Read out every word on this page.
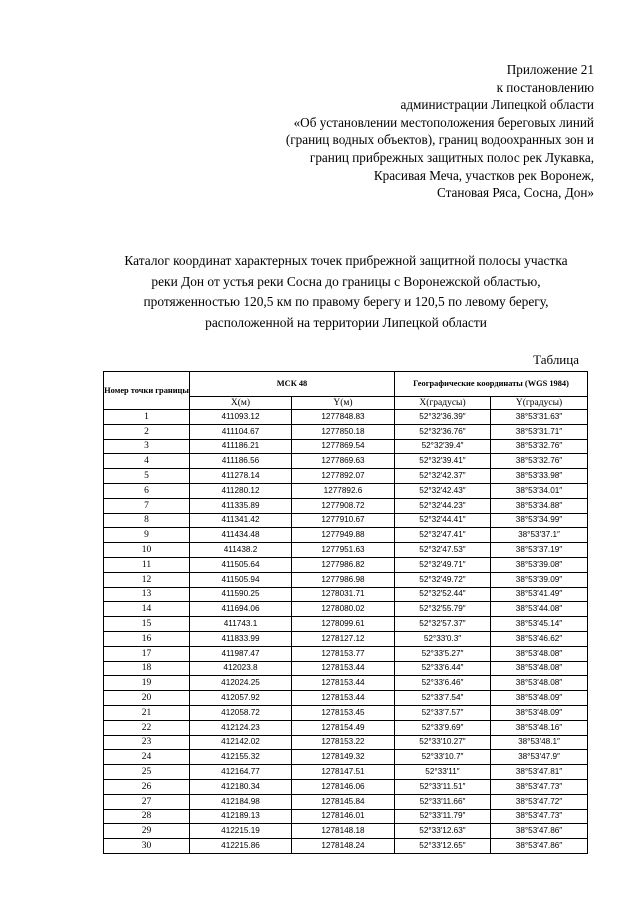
Приложение 21
к постановлению
администрации Липецкой области
«Об установлении местоположения береговых линий
(границ водных объектов), границ водоохранных зон и
границ прибрежных защитных полос рек Лукавка,
Красивая Меча, участков рек Воронеж,
Становая Ряса, Сосна, Дон»
Каталог координат характерных точек прибрежной защитной полосы участка
реки Дон от устья реки Сосна до границы с Воронежской областью,
протяженностью 120,5 км по правому берегу и 120,5 по левому берегу,
расположенной на территории Липецкой области
Таблица
Номер точки границы	МСК 48		Географические координаты (WGS 1984)	
	X(м)	Y(м)	X(градусы)	Y(градусы)
1	411093.12	1277848.83	52°32′36.39″	38°53′31.63″
2	411104.67	1277850.18	52°32′36.76″	38°53′31.71″
3	411186.21	1277869.54	52°32′39.4″	38°53′32.76″
4	411186.56	1277869.63	52°32′39.41″	38°53′32.76″
5	411278.14	1277892.07	52°32′42.37″	38°53′33.98″
6	411280.12	1277892.6	52°32′42.43″	38°53′34.01″
7	411335.89	1277908.72	52°32′44.23″	38°53′34.88″
8	411341.42	1277910.67	52°32′44.41″	38°53′34.99″
9	411434.48	1277949.88	52°32′47.41″	38°53′37.1″
10	411438.2	1277951.63	52°32′47.53″	38°53′37.19″
11	411505.64	1277986.82	52°32′49.71″	38°53′39.08″
12	411505.94	1277986.98	52°32′49.72″	38°53′39.09″
13	411590.25	1278031.71	52°32′52.44″	38°53′41.49″
14	411694.06	1278080.02	52°32′55.79″	38°53′44.08″
15	411743.1	1278099.61	52°32′57.37″	38°53′45.14″
16	411833.99	1278127.12	52°33′0.3″	38°53′46.62″
17	411987.47	1278153.77	52°33′5.27″	38°53′48.08″
18	412023.8	1278153.44	52°33′6.44″	38°53′48.08″
19	412024.25	1278153.44	52°33′6.46″	38°53′48.08″
20	412057.92	1278153.44	52°33′7.54″	38°53′48.09″
21	412058.72	1278153.45	52°33′7.57″	38°53′48.09″
22	412124.23	1278154.49	52°33′9.69″	38°53′48.16″
23	412142.02	1278153.22	52°33′10.27″	38°53′48.1″
24	412155.32	1278149.32	52°33′10.7″	38°53′47.9″
25	412164.77	1278147.51	52°33′11″	38°53′47.81″
26	412180.34	1278146.06	52°33′11.51″	38°53′47.73″
27	412184.98	1278145.84	52°33′11.66″	38°53′47.72″
28	412189.13	1278146.01	52°33′11.79″	38°53′47.73″
29	412215.19	1278148.18	52°33′12.63″	38°53′47.86″
30	412215.86	1278148.24	52°33′12.65″	38°53′47.86″
